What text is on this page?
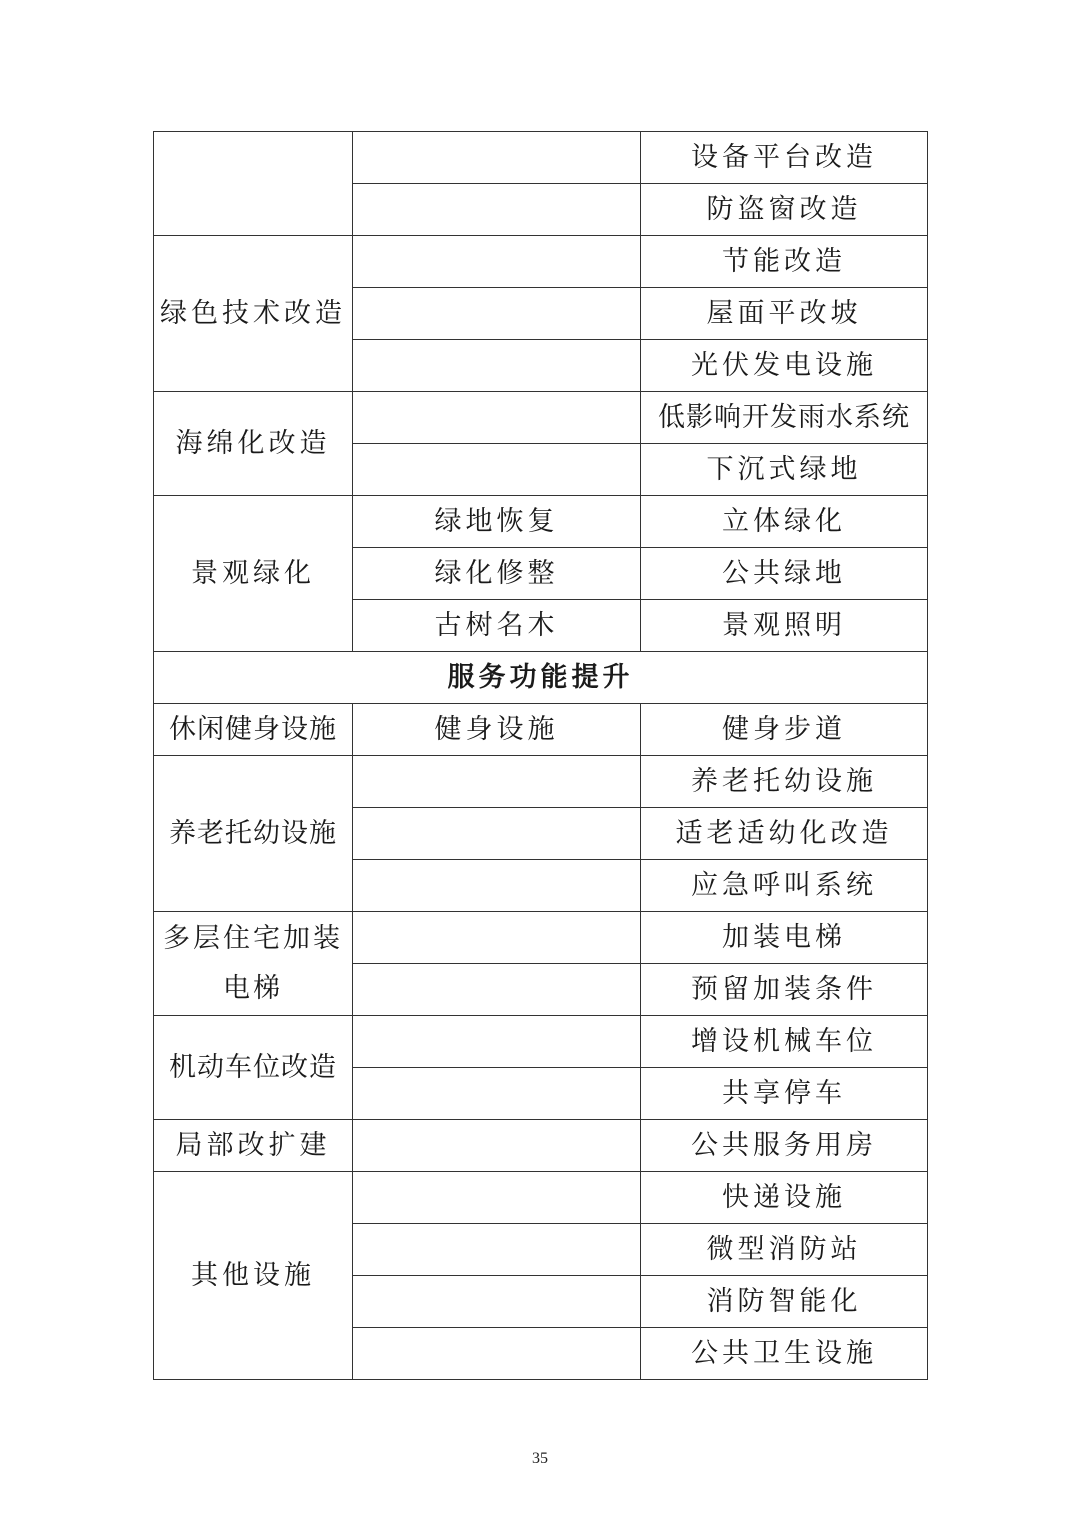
		设备平台改造
		防盗窗改造
绿色技术改造		节能改造
		屋面平改坡
		光伏发电设施
海绵化改造		低影响开发雨水系统
		下沉式绿地
景观绿化	绿地恢复	立体绿化
	绿化修整	公共绿地
	古树名木	景观照明
服务功能提升		
休闲健身设施	健身设施	健身步道
养老托幼设施		养老托幼设施
		适老适幼化改造
		应急呼叫系统

多层住宅加装电梯		加装电梯
		预留加装条件
机动车位改造		增设机械车位
		共享停车
局部改扩建		公共服务用房
其他设施		快递设施
		微型消防站
		消防智能化
		公共卫生设施
35
